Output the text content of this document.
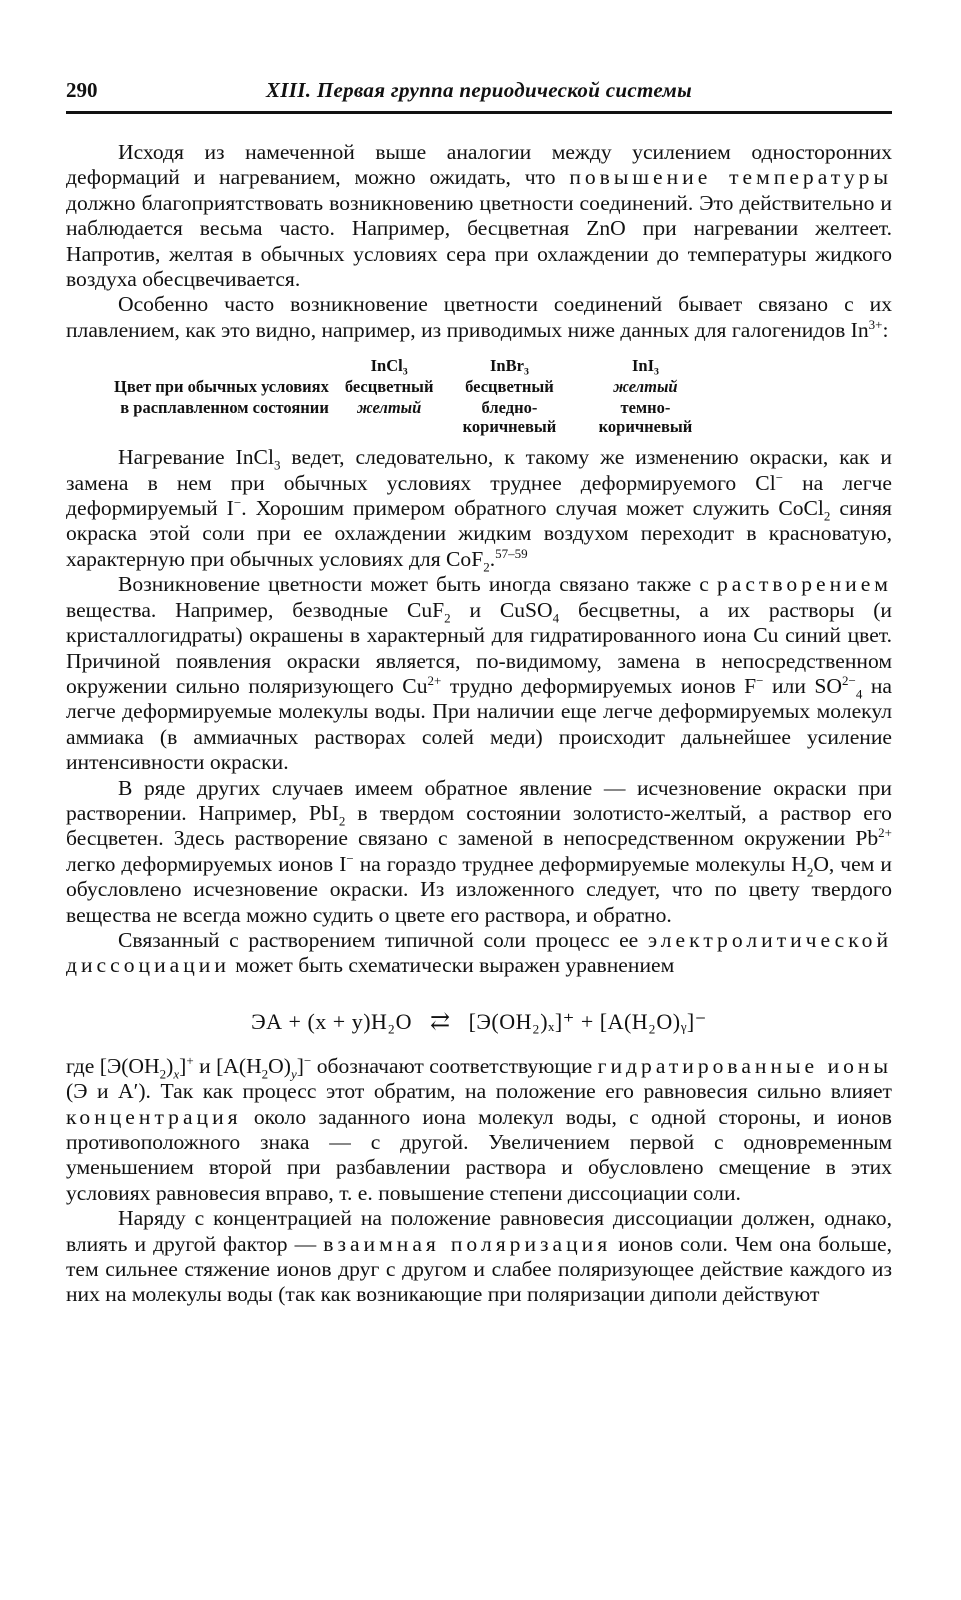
290	XIII. Первая группа периодической системы

Исходя из намеченной выше аналогии между усилением односторонних деформаций и нагреванием, можно ожидать, что повышение температуры должно благоприятствовать возникновению цветности соединений. Это действительно и наблюдается весьма часто. Например, бесцветная ZnO при нагревании желтеет. Напротив, желтая в обычных условиях сера при охлаждении до температуры жидкого воздуха обесцвечивается.

Особенно часто возникновение цветности соединений бывает связано с их плавлением, как это видно, например, из приводимых ниже данных для галогенидов $In^{3+}$:

	InCl₃	InBr₃	InI₃
Цвет при обычных условиях	бесцветный	бесцветный	желтый
в расплавленном состоянии	желтый	бледно-коричневый	темно-коричневый

Нагревание InCl$_3$ ведет, следовательно, к такому же изменению окраски, как и замена в нем при обычных условиях труднее деформируемого Cl− на легче деформируемый I−. Хорошим примером обратного случая может служить CoCl$_2$ синяя окраска этой соли при ее охлаждении жидким воздухом переходит в красноватую, характерную при обычных условиях для CoF$_2$.$^{57-59}$

Возникновение цветности может быть иногда связано также с растворением вещества. Например, безводные CuF$_2$ и CuSO$_4$ бесцветны, а их растворы (и кристаллогидраты) окрашены в характерный для гидратированного иона Cu синий цвет. Причиной появления окраски является, по-видимому, замена в непосредственном окружении сильно поляризующего $Cu^{2+}$ трудно деформируемых ионов F− или $SO^{2-}_4$ на легче деформируемые молекулы воды. При наличии еще легче деформируемых молекул аммиака (в аммиачных растворах солей меди) происходит дальнейшее усиление интенсивности окраски.

В ряде других случаев имеем обратное явление — исчезновение окраски при растворении. Например, PbI$_2$ в твердом состоянии золотисто-желтый, а раствор его бесцветен. Здесь растворение связано с заменой в непосредственном окружении $Pb^{2+}$ легко деформируемых ионов I− на гораздо труднее деформируемые молекулы $H_2O$, чем и обусловлено исчезновение окраски. Из изложенного следует, что по цвету твердого вещества не всегда можно судить о цвете его раствора, и обратно.

Связанный с растворением типичной соли процесс ее электролитической диссоциации может быть схематически выражен уравнением

ЭА + (x + y)H₂O ⇄ [Э(OH₂)ₓ]⁺ + [A(H₂O)ᵧ]⁻

где $[Э(OH_2)_x]^+$ и $[A(H_2O)_y]^-$ обозначают соответствующие гидратированные ионы (Э и A′). Так как процесс этот обратим, на положение его равновесия сильно влияет концентрация около заданного иона молекул воды, с одной стороны, и ионов противоположного знака — с другой. Увеличением первой с одновременным уменьшением второй при разбавлении раствора и обусловлено смещение в этих условиях равновесия вправо, т. е. повышение степени диссоциации соли.

Наряду с концентрацией на положение равновесия диссоциации должен, однако, влиять и другой фактор — взаимная поляризация ионов соли. Чем она больше, тем сильнее стяжение ионов друг с другом и слабее поляризующее действие каждого из них на молекулы воды (так как возникающие при поляризации диполи действуют
